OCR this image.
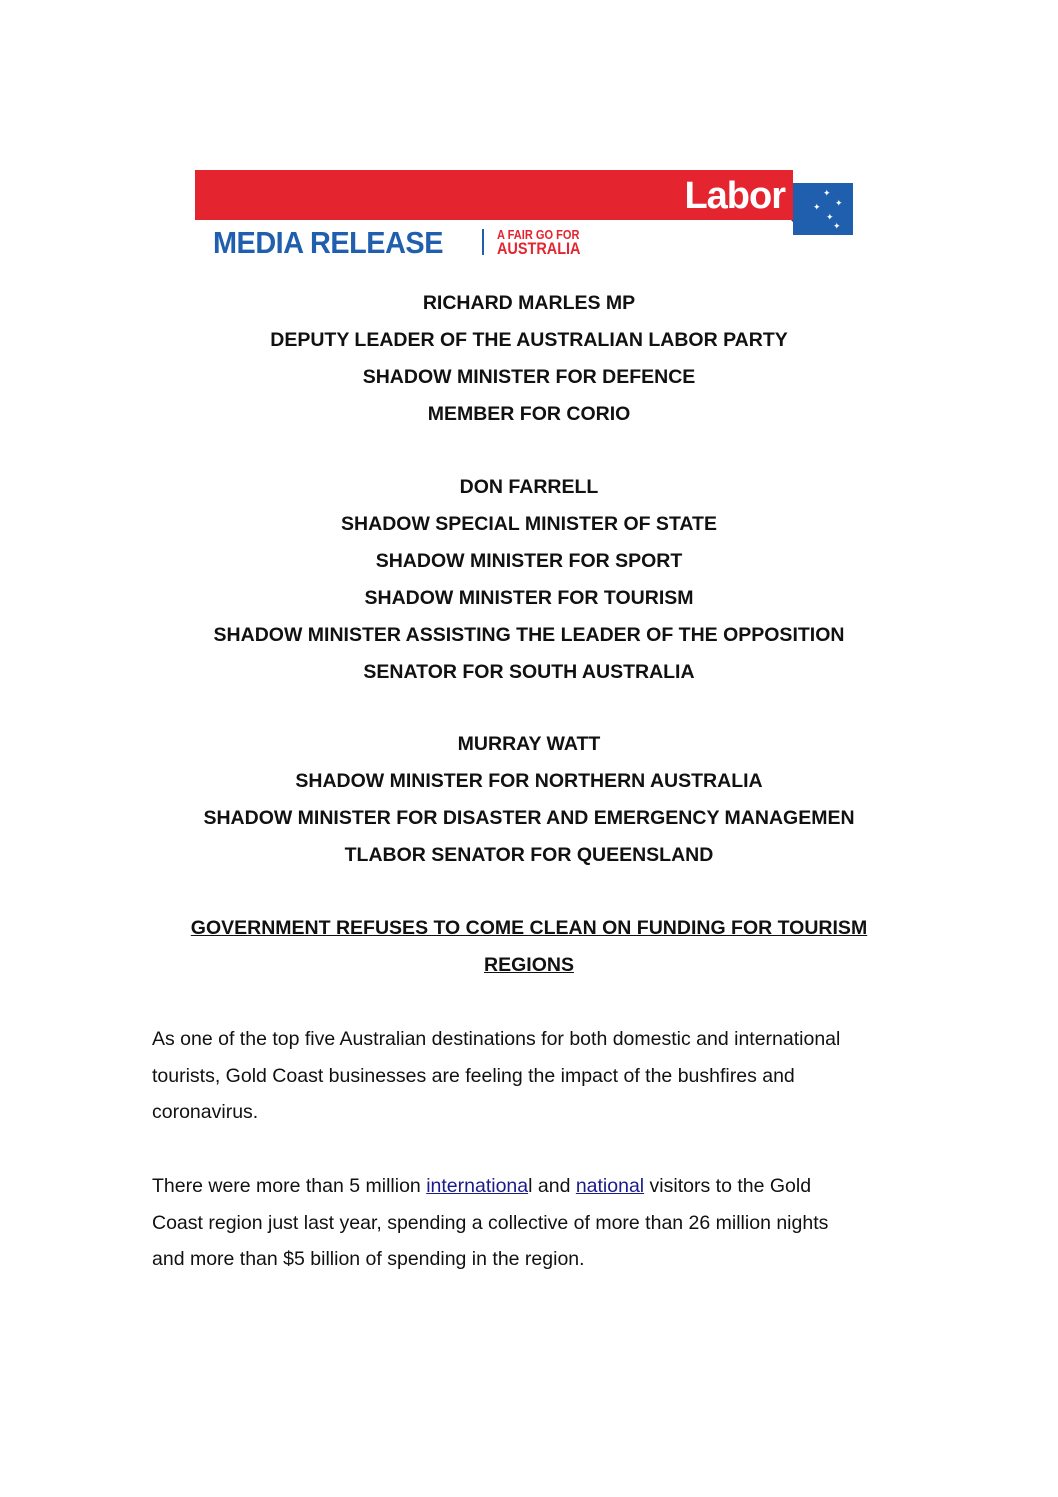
Labor	✦
✦
✦
✦
✦
MEDIA RELEASE	A FAIR GO FOR
AUSTRALIA
RICHARD MARLES MP
DEPUTY LEADER OF THE AUSTRALIAN LABOR PARTY
SHADOW MINISTER FOR DEFENCE
MEMBER FOR CORIO
DON FARRELL
SHADOW SPECIAL MINISTER OF STATE
SHADOW MINISTER FOR SPORT
SHADOW MINISTER FOR TOURISM
SHADOW MINISTER ASSISTING THE LEADER OF THE OPPOSITION
SENATOR FOR SOUTH AUSTRALIA
MURRAY WATT
SHADOW MINISTER FOR NORTHERN AUSTRALIA
SHADOW MINISTER FOR DISASTER AND EMERGENCY MANAGEMEN
TLABOR SENATOR FOR QUEENSLAND
GOVERNMENT REFUSES TO COME CLEAN ON FUNDING FOR TOURISM
REGIONS
As one of the top five Australian destinations for both domestic and international
tourists, Gold Coast businesses are feeling the impact of the bushfires and
coronavirus.
There were more than 5 million international and national visitors to the Gold
Coast region just last year, spending a collective of more than 26 million nights
and more than $5 billion of spending in the region.
